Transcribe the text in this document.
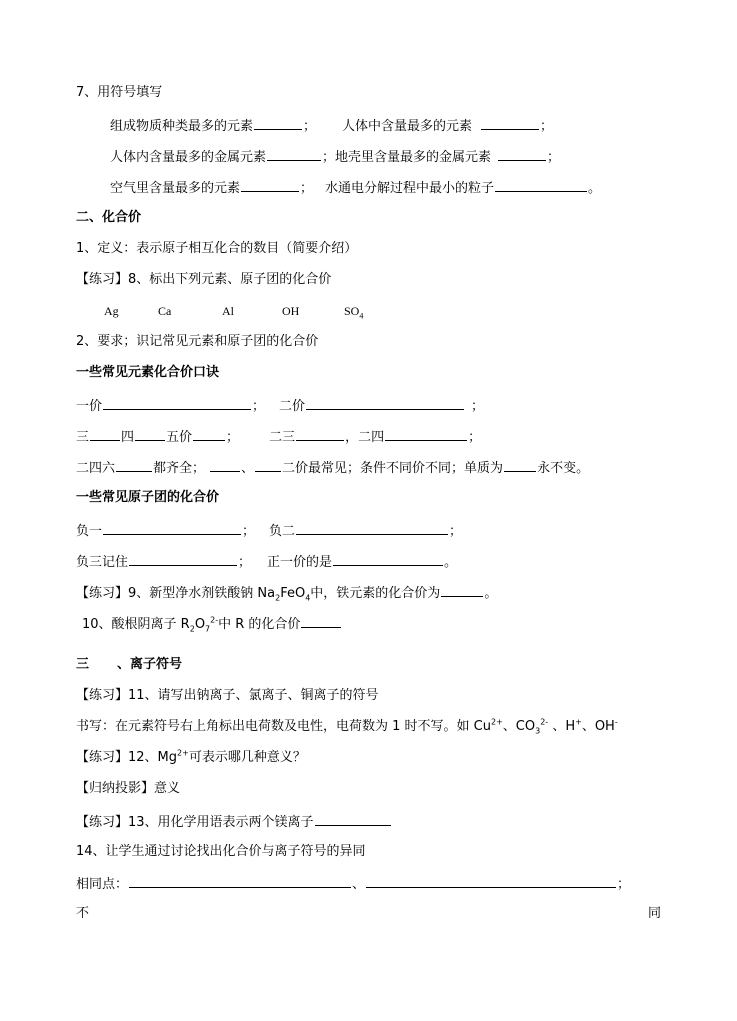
7、用符号填写
组成物质种类最多的元素	； 人体中含量最多的元素	；
人体内含量最多的金属元素	；地壳里含量最多的金属元素	；
空气里含量最多的元素	； 水通电分解过程中最小的粒子	。
二、化合价
1、定义：表示原子相互化合的数目（简要介绍）
【练习】8、标出下列元素、原子团的化合价
Ag	Ca	Al	OH	$SO_4$
2、要求；识记常见元素和原子团的化合价
一些常见元素化合价口诀
一价	； 二价	；
三 四 五价	； 二三	，二四	；
二四六	都齐全；	、 二价最常见；条件不同价不同；单质为	永不变。
一些常见原子团的化合价
负一	； 负二	；
负三记住	； 正一价的是	。
【练习】9、新型净水剂铁酸钠 $Na_2FeO_4$中，铁元素的化合价为	。
10、酸根阴离子 $R_2O_7^{2-}$中 R 的化合价
三 、离子符号
【练习】11、请写出钠离子、氯离子、铜离子的符号
书写：在元素符号右上角标出电荷数及电性，电荷数为 1 时不写。如 $Cu^{2+}$、$CO_3^{2-}$ 、H+、OH-
【练习】12、$Mg^{2+}$可表示哪几种意义？
【归纳投影】意义
【练习】13、用化学用语表示两个镁离子
14、让学生通过讨论找出化合价与离子符号的异同
相同点：	、	；
不	同
